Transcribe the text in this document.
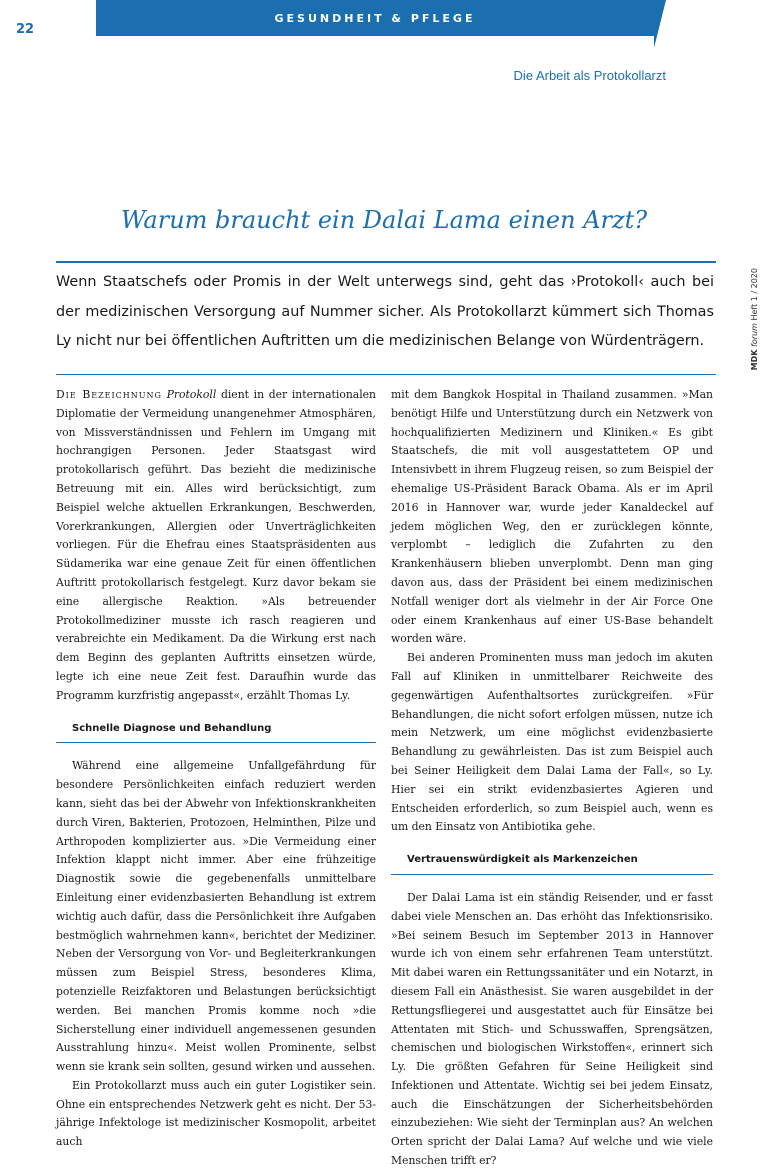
22
GESUNDHEIT & PFLEGE
Die Arbeit als Protokollarzt
MDK forum Heft 1 / 2020
Warum braucht ein Dalai Lama einen Arzt?

Wenn Staatschefs oder Promis in der Welt unterwegs sind, geht das ›Protokoll‹ auch bei der medizinischen Versorgung auf Nummer sicher. Als Protokollarzt kümmert sich Thomas Ly nicht nur bei öffentlichen Auftritten um die medizinischen Belange von Würdenträgern.

Die Bezeichnung Protokoll dient in der internationalen Diplomatie der Vermeidung unangenehmer Atmosphären, von Missverständnissen und Fehlern im Umgang mit hochrangigen Personen. Jeder Staatsgast wird protokollarisch geführt. Das bezieht die medizinische Betreuung mit ein. Alles wird berücksichtigt, zum Beispiel welche aktuellen Erkrankungen, Beschwerden, Vorerkrankungen, Allergien oder Unverträglichkeiten vorliegen. Für die Ehefrau eines Staatspräsidenten aus Südamerika war eine genaue Zeit für einen öffentlichen Auftritt protokollarisch festgelegt. Kurz davor bekam sie eine allergische Reaktion. »Als betreuender Protokollmediziner musste ich rasch reagieren und verabreichte ein Medikament. Da die Wirkung erst nach dem Beginn des geplanten Auftritts einsetzen würde, legte ich eine neue Zeit fest. Daraufhin wurde das Programm kurzfristig angepasst«, erzählt Thomas Ly.

Schnelle Diagnose und Behandlung

Während eine allgemeine Unfallgefährdung für besondere Persönlichkeiten einfach reduziert werden kann, sieht das bei der Abwehr von Infektionskrankheiten durch Viren, Bakterien, Protozoen, Helminthen, Pilze und Arthropoden komplizierter aus. »Die Vermeidung einer Infektion klappt nicht immer. Aber eine frühzeitige Diagnostik sowie die gegebenenfalls unmittelbare Einleitung einer evidenzbasierten Behandlung ist extrem wichtig auch dafür, dass die Persönlichkeit ihre Aufgaben bestmöglich wahrnehmen kann«, berichtet der Mediziner. Neben der Versorgung von Vor- und Begleiterkrankungen müssen zum Beispiel Stress, besonderes Klima, potenzielle Reizfaktoren und Belastungen berücksichtigt werden. Bei manchen Promis komme noch »die Sicherstellung einer individuell angemessenen gesunden Ausstrahlung hinzu«. Meist wollen Prominente, selbst wenn sie krank sein sollten, gesund wirken und aussehen.

Ein Protokollarzt muss auch ein guter Logistiker sein. Ohne ein entsprechendes Netzwerk geht es nicht. Der 53-jährige Infektologe ist medizinischer Kosmopolit, arbeitet auch

mit dem Bangkok Hospital in Thailand zusammen. »Man benötigt Hilfe und Unterstützung durch ein Netzwerk von hochqualifizierten Medizinern und Kliniken.« Es gibt Staatschefs, die mit voll ausgestattetem OP und Intensivbett in ihrem Flugzeug reisen, so zum Beispiel der ehemalige US-Präsident Barack Obama. Als er im April 2016 in Hannover war, wurde jeder Kanaldeckel auf jedem möglichen Weg, den er zurücklegen könnte, verplombt – lediglich die Zufahrten zu den Krankenhäusern blieben unverplombt. Denn man ging davon aus, dass der Präsident bei einem medizinischen Notfall weniger dort als vielmehr in der Air Force One oder einem Krankenhaus auf einer US-Base behandelt worden wäre.

Bei anderen Prominenten muss man jedoch im akuten Fall auf Kliniken in unmittelbarer Reichweite des gegenwärtigen Aufenthaltsortes zurückgreifen. »Für Behandlungen, die nicht sofort erfolgen müssen, nutze ich mein Netzwerk, um eine möglichst evidenzbasierte Behandlung zu gewährleisten. Das ist zum Beispiel auch bei Seiner Heiligkeit dem Dalai Lama der Fall«, so Ly. Hier sei ein strikt evidenzbasiertes Agieren und Entscheiden erforderlich, so zum Beispiel auch, wenn es um den Einsatz von Antibiotika gehe.

Vertrauenswürdigkeit als Markenzeichen

Der Dalai Lama ist ein ständig Reisender, und er fasst dabei viele Menschen an. Das erhöht das Infektionsrisiko. »Bei seinem Besuch im September 2013 in Hannover wurde ich von einem sehr erfahrenen Team unterstützt. Mit dabei waren ein Rettungssanitäter und ein Notarzt, in diesem Fall ein Anästhesist. Sie waren ausgebildet in der Rettungsfliegerei und ausgestattet auch für Einsätze bei Attentaten mit Stich- und Schusswaffen, Sprengsätzen, chemischen und biologischen Wirkstoffen«, erinnert sich Ly. Die größten Gefahren für Seine Heiligkeit sind Infektionen und Attentate. Wichtig sei bei jedem Einsatz, auch die Einschätzungen der Sicherheitsbehörden einzubeziehen: Wie sieht der Terminplan aus? An welchen Orten spricht der Dalai Lama? Auf welche und wie viele Menschen trifft er?
